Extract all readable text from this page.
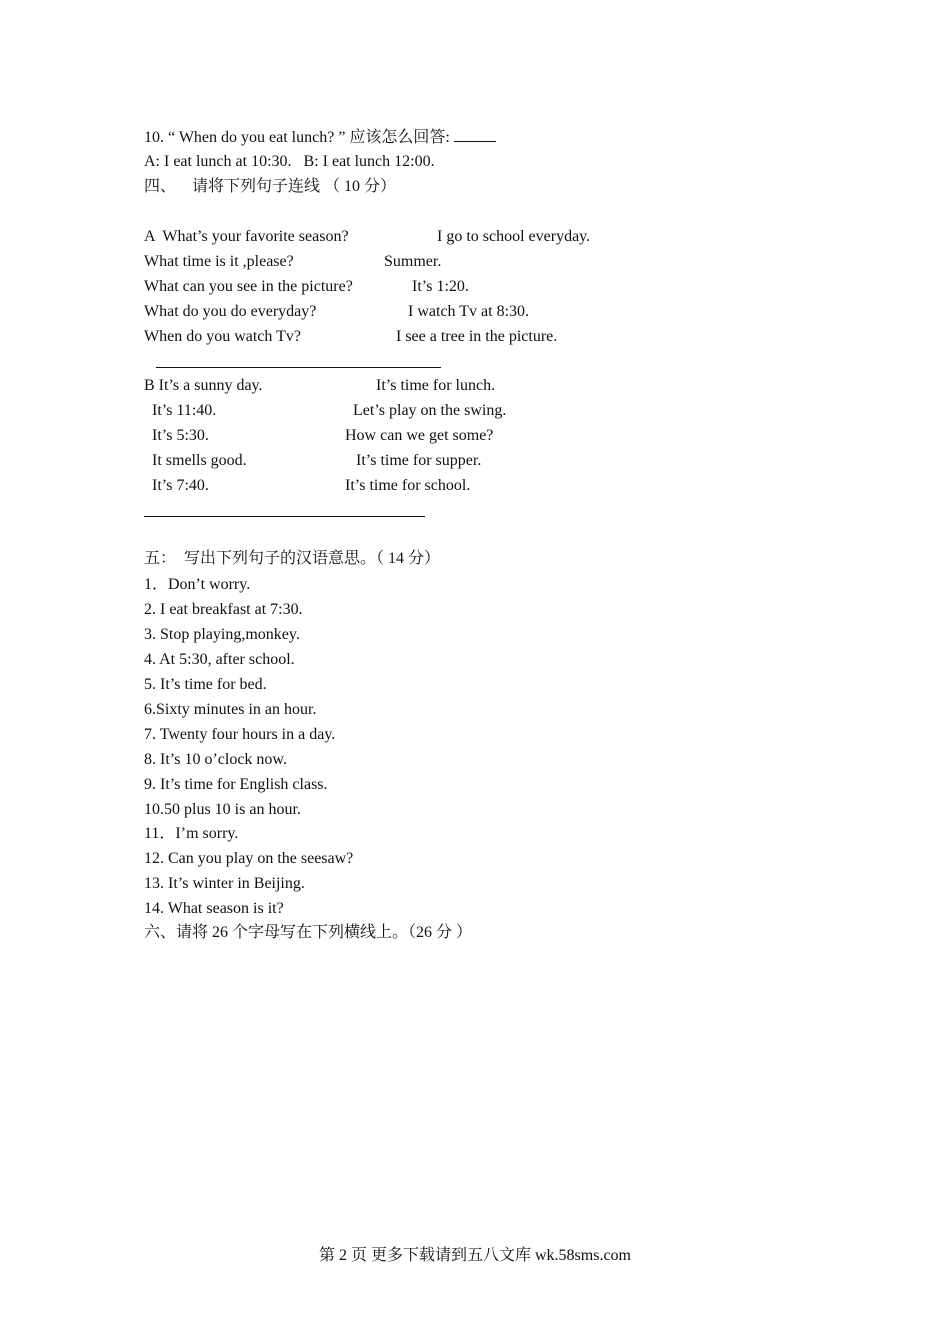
10. “ When do you eat lunch? ” 应该怎么回答:
A: I eat lunch at 10:30.   B: I eat lunch 12:00.
四、    请将下列句子连线 （ 10 分）
A  What’s your favorite season?
What time is it ,please?
What can you see in the picture?
What do you do everyday?
When do you watch Tv?
I go to school everyday.
Summer.
It’s 1:20.
I watch Tv at 8:30.
I see a tree in the picture.
B It’s a sunny day.
It’s 11:40.
It’s 5:30.
It smells good.
It’s 7:40.
It’s time for lunch.
Let’s play on the swing.
How can we get some?
It’s time for supper.
It’s time for school.
五：  写出下列句子的汉语意思。（ 14 分）
1．Don’t worry.
2. I eat breakfast at 7:30.
3. Stop playing,monkey.
4. At 5:30, after school.
5. It’s time for bed.
6.Sixty minutes in an hour.
7. Twenty four hours in a day.
8. It’s 10 o’clock now.
9. It’s time for English class.
10.50 plus 10 is an hour.
11．I’m sorry.
12. Can you play on the seesaw?
13. It’s winter in Beijing.
14. What season is it?
六、请将 26 个字母写在下列横线上。（26 分 ）
第 2 页 更多下载请到五八文库 wk.58sms.com
